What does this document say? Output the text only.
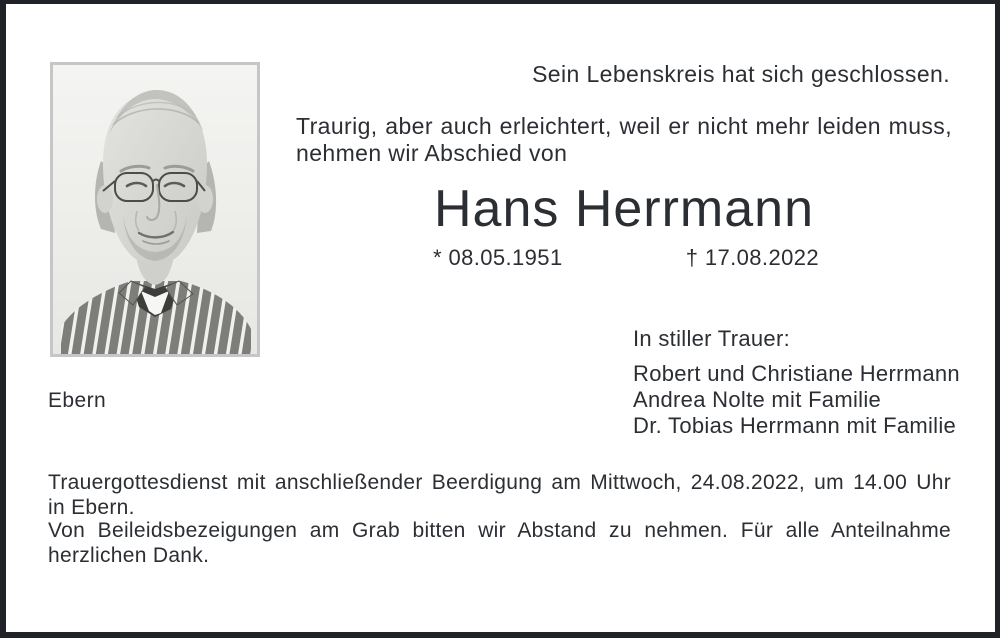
Sein Lebenskreis hat sich geschlossen.
Traurig, aber auch erleichtert, weil er nicht mehr leiden muss,
nehmen wir Abschied von
Hans Herrmann
* 08.05.1951	† 17.08.2022
In stiller Trauer:
Robert und Christiane Herrmann
Andrea Nolte mit Familie
Dr. Tobias Herrmann mit Familie
Ebern
Trauergottesdienst mit anschließender Beerdigung am Mittwoch, 24.08.2022, um 14.00 Uhr
in Ebern.
Von Beileidsbezeigungen am Grab bitten wir Abstand zu nehmen. Für alle Anteilnahme
herzlichen Dank.
